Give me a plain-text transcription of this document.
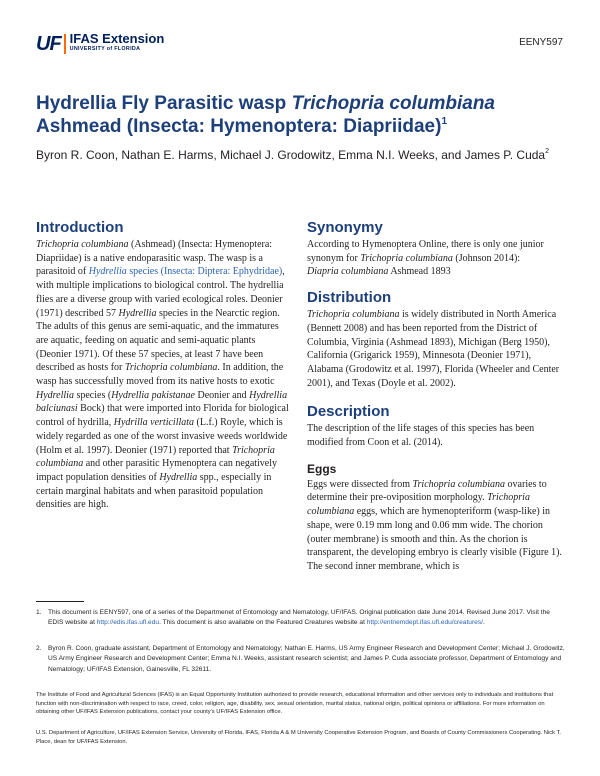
UF IFAS Extension
UNIVERSITY of FLORIDA
EENY597
Hydrellia Fly Parasitic wasp Trichopria columbiana
Ashmead (Insecta: Hymenoptera: Diapriidae)$^1$
Byron R. Coon, Nathan E. Harms, Michael J. Grodowitz, Emma N.I. Weeks, and James P. Cuda$^2$
Introduction

Trichopria columbiana (Ashmead) (Insecta: Hymenoptera: Diapriidae) is a native endoparasitic wasp. The wasp is a parasitoid of Hydrellia species (Insecta: Diptera: Ephydridae), with multiple implications to biological control. The hydrellia flies are a diverse group with varied ecological roles. Deonier (1971) described 57 Hydrellia species in the Nearctic region. The adults of this genus are semi-aquatic, and the immatures are aquatic, feeding on aquatic and semi-aquatic plants (Deonier 1971). Of these 57 species, at least 7 have been described as hosts for Trichopria columbiana. In addition, the wasp has successfully moved from its native hosts to exotic Hydrellia species (Hydrellia pakistanae Deonier and Hydrellia balciunasi Bock) that were imported into Florida for biological control of hydrilla, Hydrilla verticillata (L.f.) Royle, which is widely regarded as one of the worst invasive weeds worldwide (Holm et al. 1997). Deonier (1971) reported that Trichopria columbiana and other parasitic Hymenoptera can negatively impact population densities of Hydrellia spp., especially in certain marginal habitats and when parasitoid population densities are high.

Synonymy

According to Hymenoptera Online, there is only one junior synonym for Trichopria columbiana (Johnson 2014):
Diapria columbiana Ashmead 1893

Distribution

Trichopria columbiana is widely distributed in North America (Bennett 2008) and has been reported from the District of Columbia, Virginia (Ashmead 1893), Michigan (Berg 1950), California (Grigarick 1959), Minnesota (Deonier 1971), Alabama (Grodowitz et al. 1997), Florida (Wheeler and Center 2001), and Texas (Doyle et al. 2002).

Description

The description of the life stages of this species has been modified from Coon et al. (2014).

Eggs

Eggs were dissected from Trichopria columbiana ovaries to determine their pre-oviposition morphology. Trichopria columbiana eggs, which are hymenopteriform (wasp-like) in shape, were 0.19 mm long and 0.06 mm wide. The chorion (outer membrane) is smooth and thin. As the chorion is transparent, the developing embryo is clearly visible (Figure 1). The second inner membrane, which is

1. This document is EENY597, one of a series of the Departmenet of Entomology and Nematology, UF/IFAS. Original publication date June 2014. Revised June 2017. Visit the EDIS website at http://edis.ifas.ufl.edu. This document is also available on the Featured Creatures website at http://entnemdept.ifas.ufl.edu/creatures/.
2. Byron R. Coon, graduate assistant, Department of Entomology and Nematology; Nathan E. Harms, US Army Engineer Research and Development Center; Michael J. Grodowitz, US Army Engineer Research and Development Center; Emma N.I. Weeks, assistant research scientist; and James P. Cuda associate professor, Department of Entomology and Nematology; UF/IFAS Extension, Gainesville, FL 32611.
The Institute of Food and Agricultural Sciences (IFAS) is an Equal Opportunity Institution authorized to provide research, educational information and other services only to individuals and institutions that function with non-discrimination with respect to race, creed, color, religion, age, disability, sex, sexual orientation, marital status, national origin, political opinions or affiliations. For more information on obtaining other UF/IFAS Extension publications, contact your county's UF/IFAS Extension office.
U.S. Department of Agriculture, UF/IFAS Extension Service, University of Florida, IFAS, Florida A & M University Cooperative Extension Program, and Boards of County Commissioners Cooperating. Nick T. Place, dean for UF/IFAS Extension.
